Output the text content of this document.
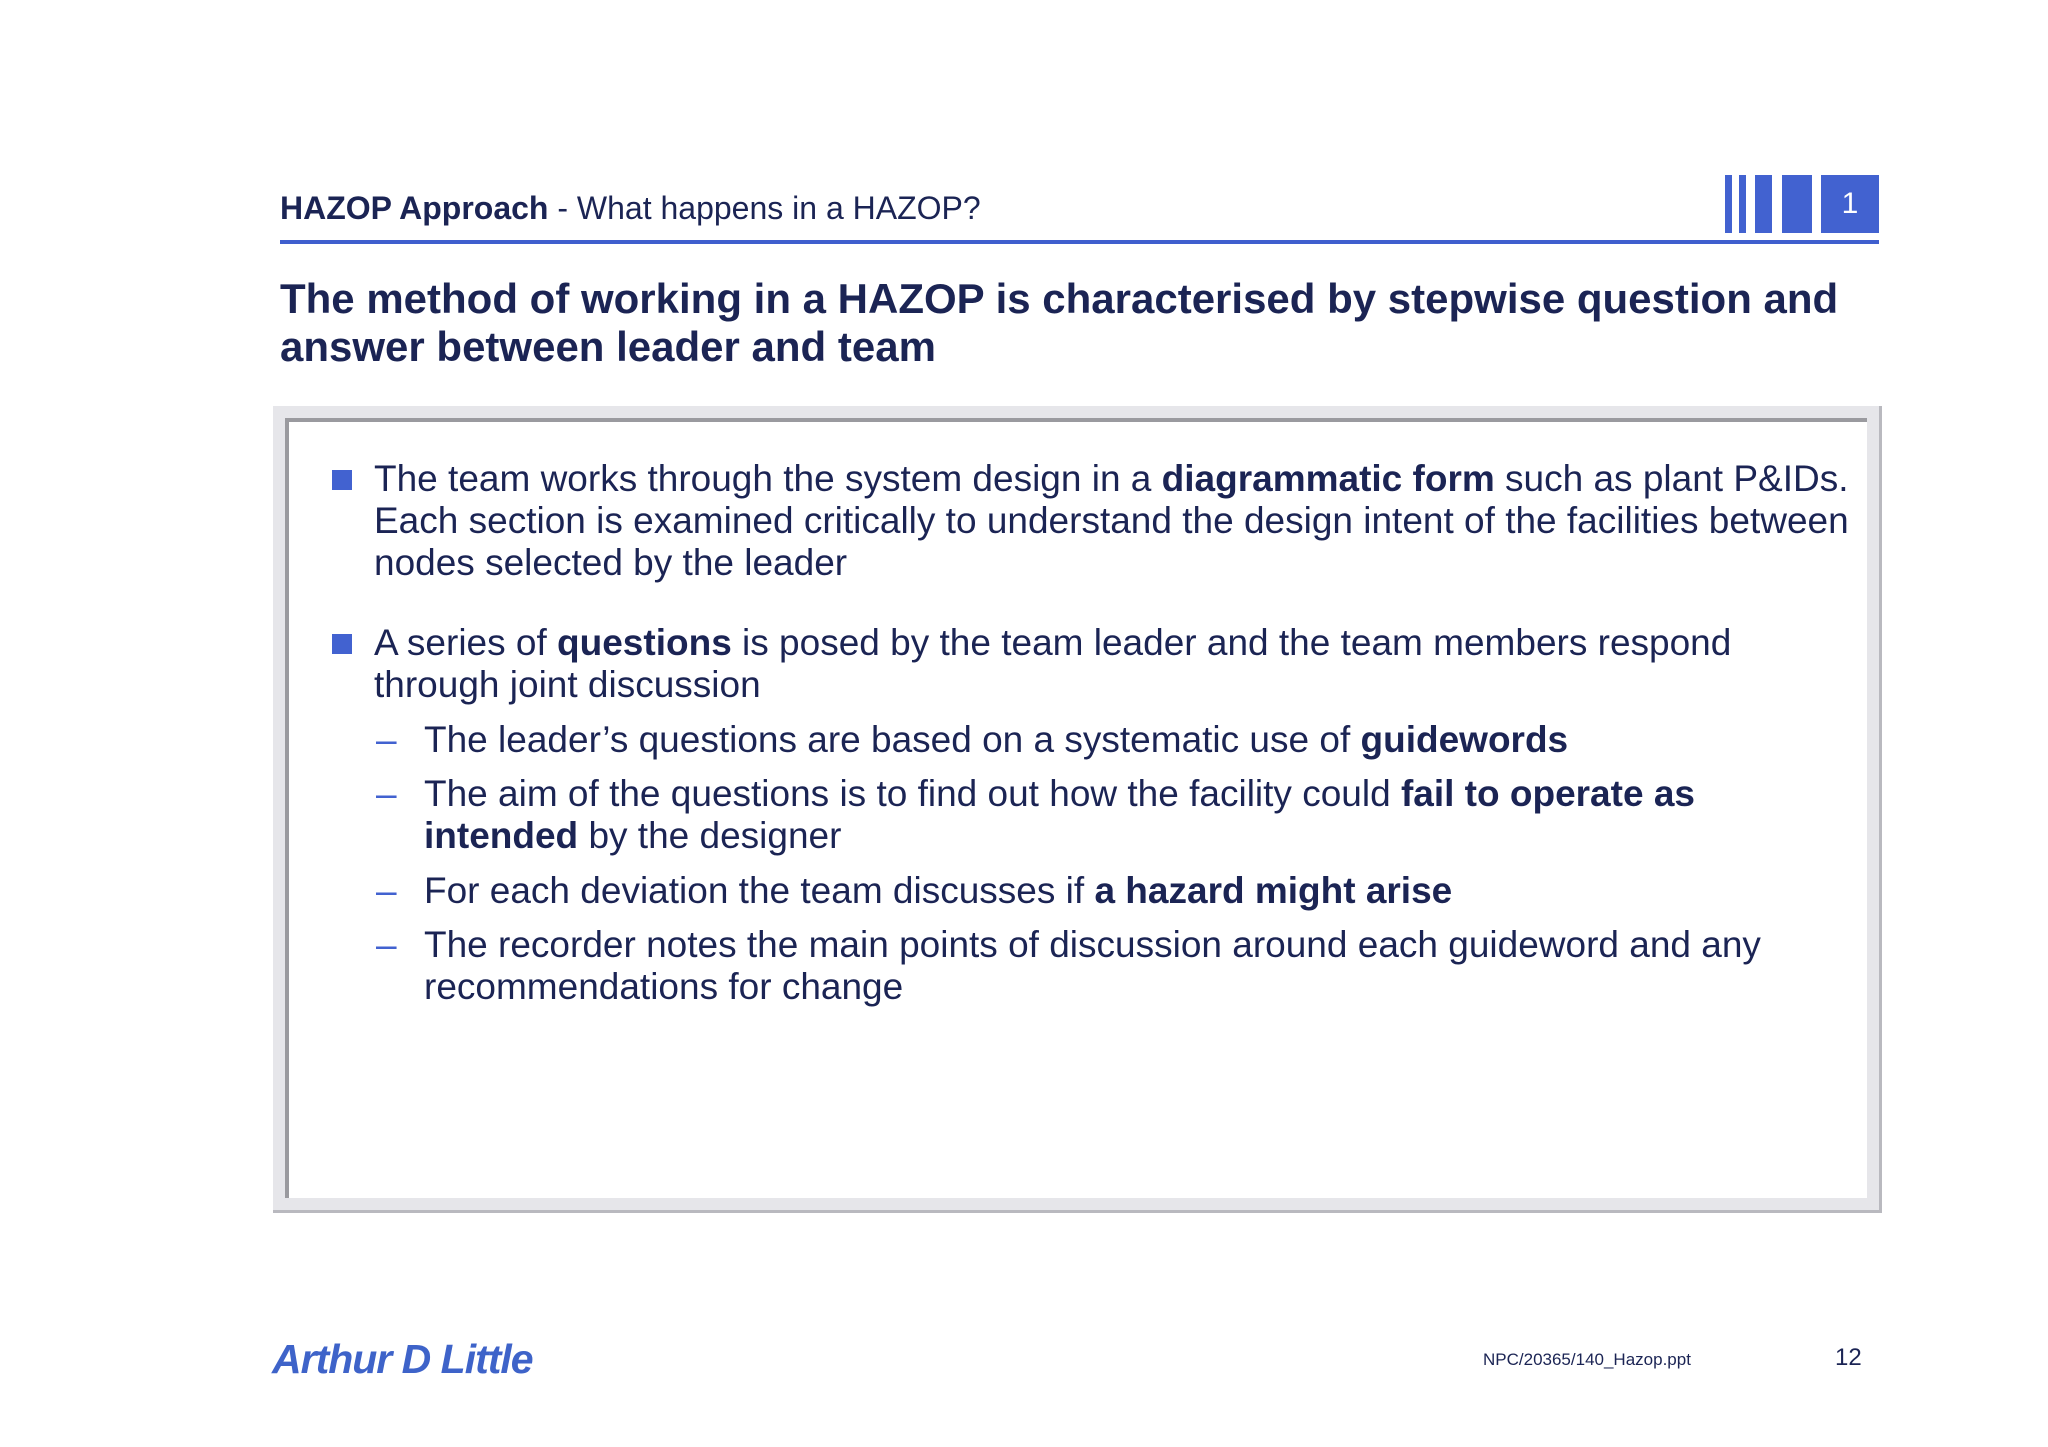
HAZOP Approach - What happens in a HAZOP?	1
The method of working in a HAZOP is characterised by stepwise question and answer between leader and team
The team works through the system design in a diagrammatic form such as plant P&IDs. Each section is examined critically to understand the design intent of the facilities between nodes selected by the leader
A series of questions is posed by the team leader and the team members respond through joint discussion
– The leader’s questions are based on a systematic use of guidewords
– The aim of the questions is to find out how the facility could fail to operate as intended by the designer
– For each deviation the team discusses if a hazard might arise
– The recorder notes the main points of discussion around each guideword and any recommendations for change
Arthur D Little	NPC/20365/140_Hazop.ppt	12
